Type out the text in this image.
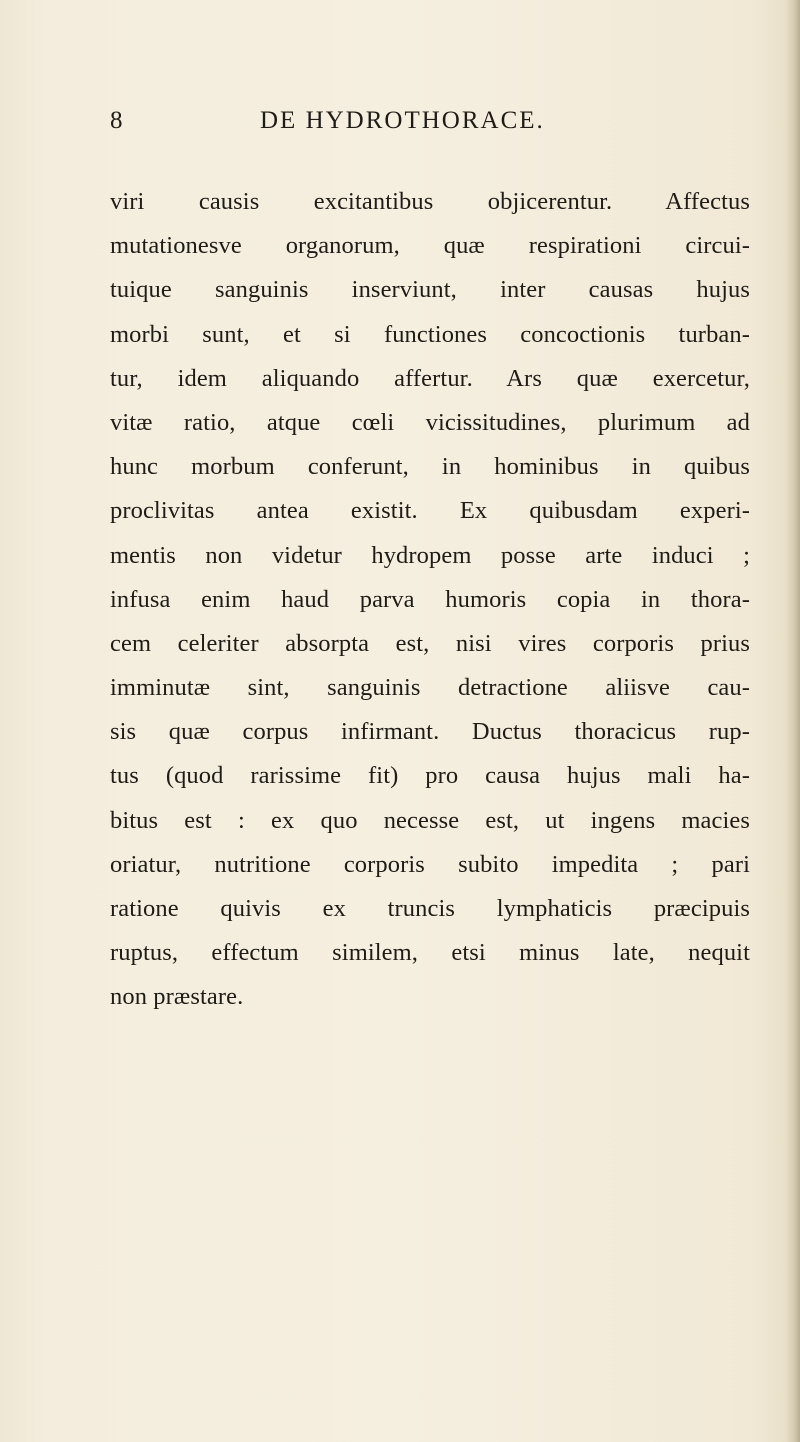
8	DE HYDROTHORACE.
viri causis excitantibus objicerentur. Affectus
mutationesve organorum, quæ respirationi circui-
tuique sanguinis inserviunt, inter causas hujus
morbi sunt, et si functiones concoctionis turban-
tur, idem aliquando affertur. Ars quæ exercetur,
vitæ ratio, atque cœli vicissitudines, plurimum ad
hunc morbum conferunt, in hominibus in quibus
proclivitas antea existit. Ex quibusdam experi-
mentis non videtur hydropem posse arte induci ;
infusa enim haud parva humoris copia in thora-
cem celeriter absorpta est, nisi vires corporis prius
imminutæ sint, sanguinis detractione aliisve cau-
sis quæ corpus infirmant. Ductus thoracicus rup-
tus (quod rarissime fit) pro causa hujus mali ha-
bitus est : ex quo necesse est, ut ingens macies
oriatur, nutritione corporis subito impedita ; pari
ratione quivis ex truncis lymphaticis præcipuis
ruptus, effectum similem, etsi minus late, nequit
non præstare.
